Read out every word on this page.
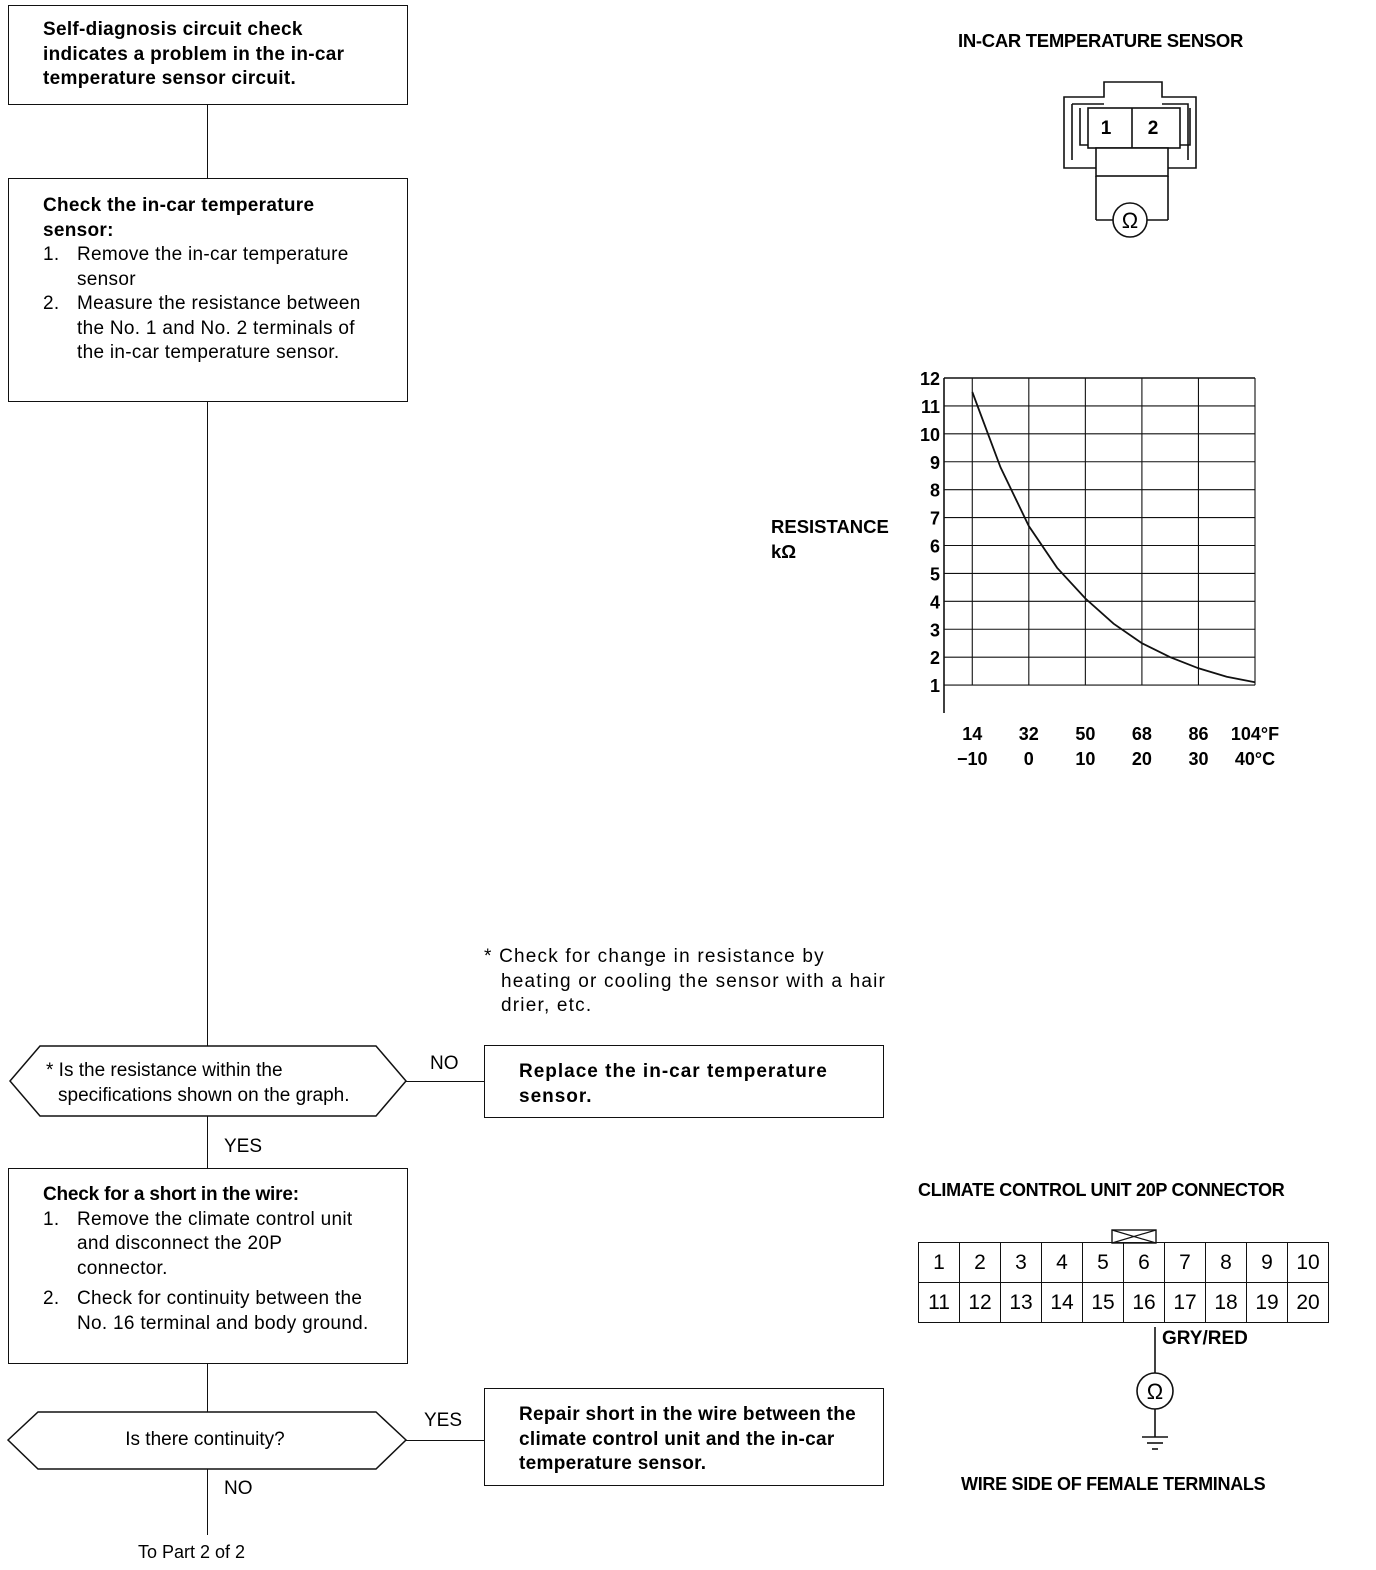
Self-diagnosis circuit check indicates a problem in the in-car temperature sensor circuit.
Check the in-car temperature sensor:
1. Remove the in-car temperature sensor
2. Measure the resistance between the No. 1 and No. 2 terminals of the in-car temperature sensor.
* Check for change in resistance by heating or cooling the sensor with a hair drier, etc.
* Is the resistance within the specifications shown on the graph.
NO	Replace the in-car temperature sensor.
YES
Check for a short in the wire:
1. Remove the climate control unit and disconnect the 20P connector.
2. Check for continuity between the No. 16 terminal and body ground.
Is there continuity?
YES	Repair short in the wire between the climate control unit and the in-car temperature sensor.
NO
To Part 2 of 2
IN-CAR TEMPERATURE SENSOR
1 2
Ω
RESISTANCE
kΩ
1
2
3
4
5
6
7
8
9
10
11
12
14
−10
32
0
50
10
68
20
86
30
104°F
40°C
CLIMATE CONTROL UNIT 20P CONNECTOR
1	2	3	4	5	6	7	8	9	10
11	12	13	14	15	16	17	18	19	20
GRY/RED
Ω
WIRE SIDE OF FEMALE TERMINALS
